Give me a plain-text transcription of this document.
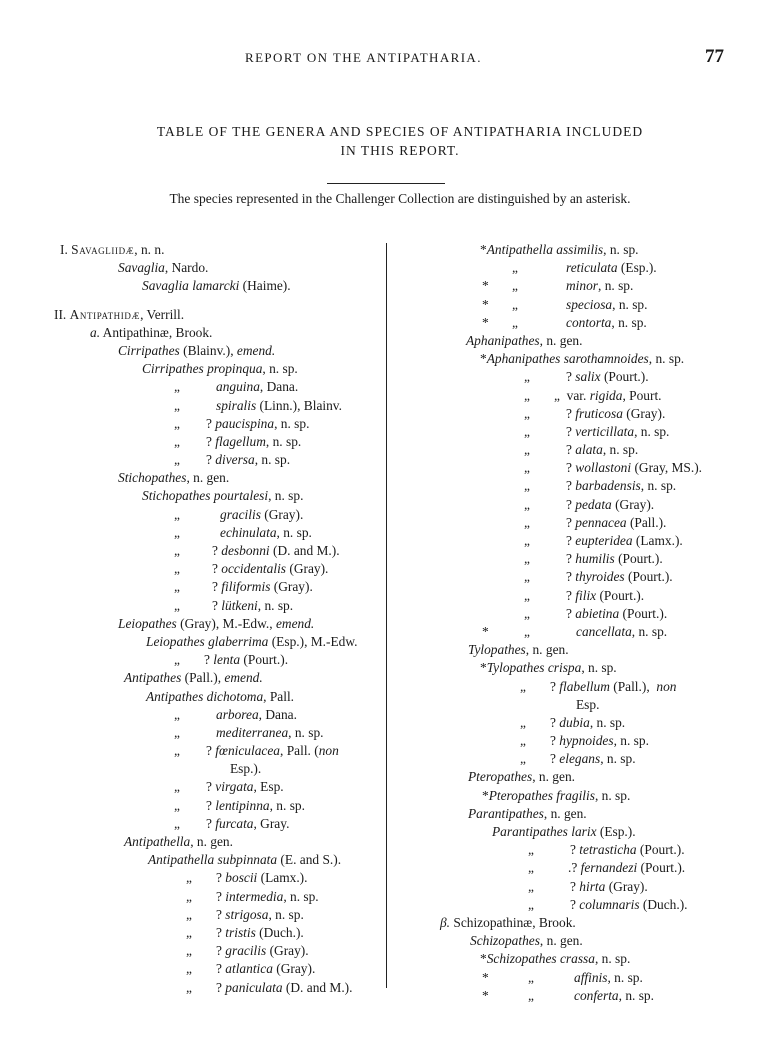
REPORT ON THE ANTIPATHARIA.	77
TABLE OF THE GENERA AND SPECIES OF ANTIPATHARIA INCLUDED
IN THIS REPORT.
The species represented in the Challenger Collection are distinguished by an asterisk.
I. Savagliidæ, n. n.
Savaglia, Nardo.
Savaglia lamarcki (Haime).
II. Antipathidæ, Verrill.
a. Antipathinæ, Brook.
Cirripathes (Blainv.), emend.
Cirripathes propinqua, n. sp.
„	anguina, Dana.
„	spiralis (Linn.), Blainv.
„ ? paucispina, n. sp.
„ ? flagellum, n. sp.
„ ? diversa, n. sp.
Stichopathes, n. gen.
Stichopathes pourtalesi, n. sp.
„	gracilis (Gray).
„	echinulata, n. sp.
„ ? desbonni (D. and M.).
„ ? occidentalis (Gray).
„ ? filiformis (Gray).
„ ? lütkeni, n. sp.
Leiopathes (Gray), M.-Edw., emend.
Leiopathes glaberrima (Esp.), M.-Edw.
„ ? lenta (Pourt.).
Antipathes (Pall.), emend.
Antipathes dichotoma, Pall.
„	arborea, Dana.
„	mediterranea, n. sp.
„ ? fœniculacea, Pall. (non
Esp.).
„ ? virgata, Esp.
„ ? lentipinna, n. sp.
„ ? furcata, Gray.
Antipathella, n. gen.
Antipathella subpinnata (E. and S.).
„ ? boscii (Lamx.).
„ ? intermedia, n. sp.
„ ? strigosa, n. sp.
„ ? tristis (Duch.).
„ ? gracilis (Gray).
„ ? atlantica (Gray).
„ ? paniculata (D. and M.).
*Antipathella assimilis, n. sp.
„	reticulata (Esp.).
* „	minor, n. sp.
* „	speciosa, n. sp.
* „	contorta, n. sp.
Aphanipathes, n. gen.
*Aphanipathes sarothamnoides, n. sp.
„	? salix (Pourt.).
„ „  var. rigida, Pourt.
„	? fruticosa (Gray).
„	? verticillata, n. sp.
„	? alata, n. sp.
„	? wollastoni (Gray, MS.).
„	? barbadensis, n. sp.
„	? pedata (Gray).
„	? pennacea (Pall.).
„	? eupteridea (Lamx.).
„	? humilis (Pourt.).
„	? thyroides (Pourt.).
„	? filix (Pourt.).
„	? abietina (Pourt.).
*	„	cancellata, n. sp.
Tylopathes, n. gen.
*Tylopathes crispa, n. sp.
„ ? flabellum (Pall.),  non
Esp.
„ ? dubia, n. sp.
„ ? hypnoides, n. sp.
„ ? elegans, n. sp.
Pteropathes, n. gen.
*Pteropathes fragilis, n. sp.
Parantipathes, n. gen.
Parantipathes larix (Esp.).
„	? tetrasticha (Pourt.).
„	.? fernandezi (Pourt.).
„	? hirta (Gray).
„	? columnaris (Duch.).
β. Schizopathinæ, Brook.
Schizopathes, n. gen.
*Schizopathes crassa, n. sp.
*	„	affinis, n. sp.
*	„	conferta, n. sp.
